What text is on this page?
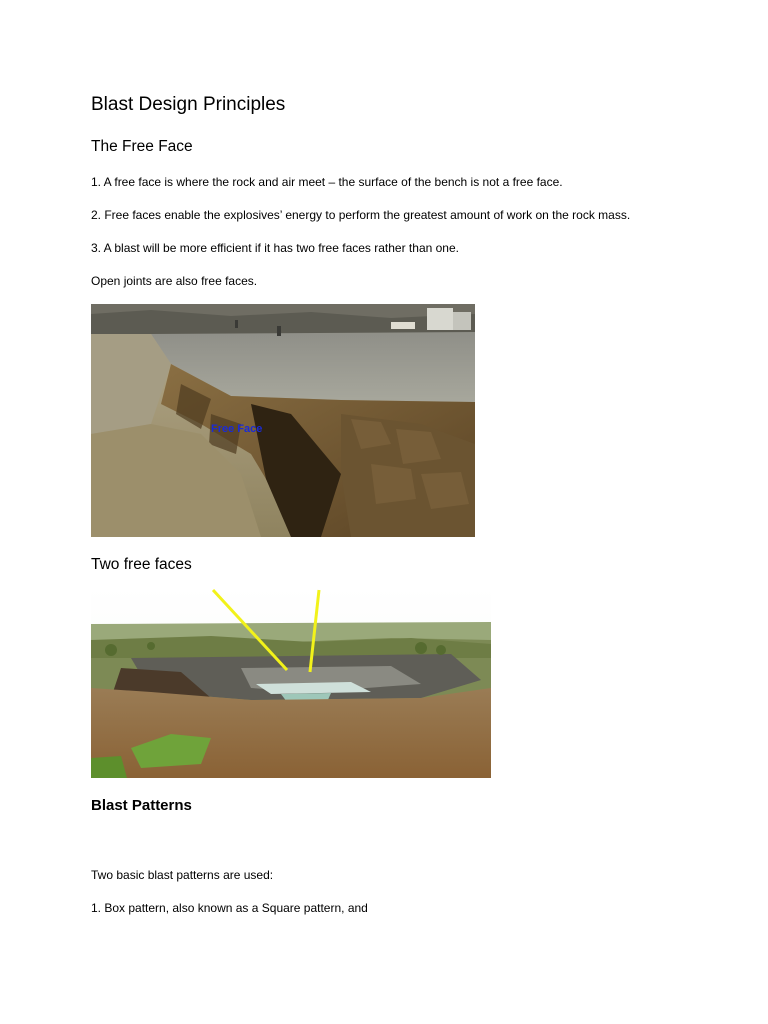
Blast Design Principles
The Free Face

1. A free face is where the rock and air meet – the surface of the bench is not a free face.

2. Free faces enable the explosives’ energy to perform the greatest amount of work on the rock mass.

3. A blast will be more efficient if it has two free faces rather than one.

Open joints are also free faces.

Free Face
Two free faces
Blast Patterns

Two basic blast patterns are used:

1. Box pattern, also known as a Square pattern, and
